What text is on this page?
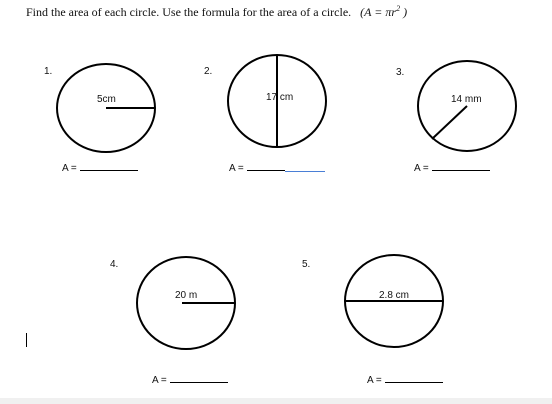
Find the area of each circle. Use the formula for the area of a circle. ($A = \pi r^2$ )
1.	2.	3.
4.	5.
5cm	17 cm	14 mm
20 m	2.8 cm
A =	A =	A =
A =	A =
